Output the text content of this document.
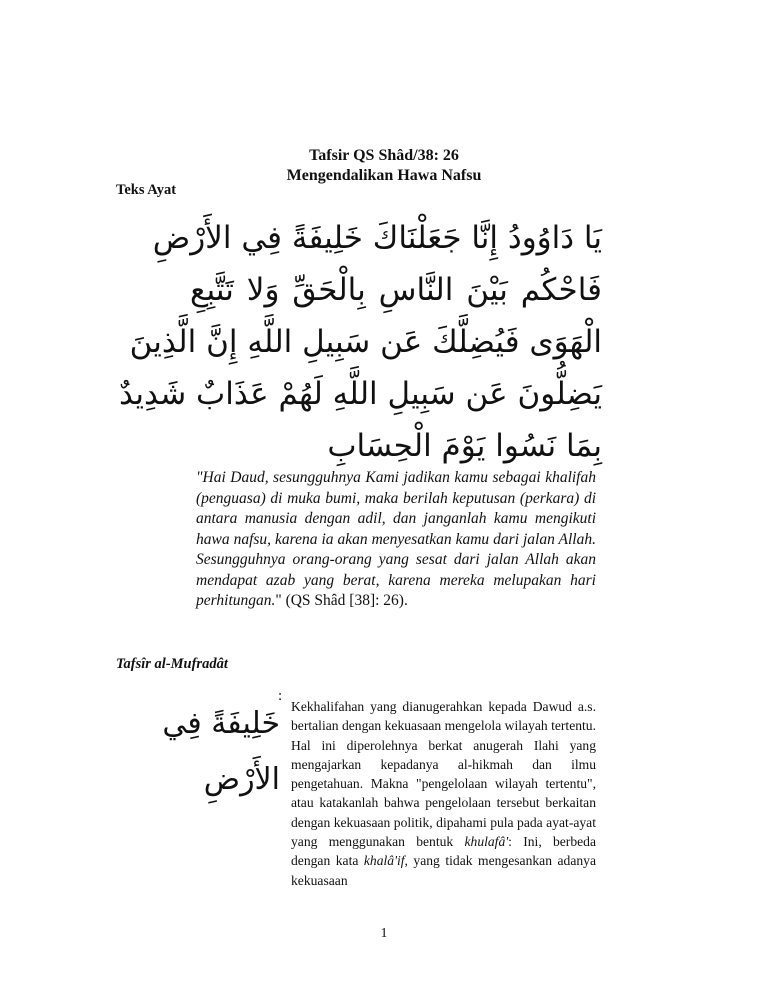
Tafsir QS Shâd/38: 26
Mengendalikan Hawa Nafsu
Teks Ayat
يَا دَاوُودُ إِنَّا جَعَلْنَاكَ خَلِيفَةً فِي الأَرْضِ
فَاحْكُم بَيْنَ النَّاسِ بِالْحَقِّ وَلا تَتَّبِعِ
الْهَوَى فَيُضِلَّكَ عَن سَبِيلِ اللَّهِ إِنَّ الَّذِينَ
يَضِلُّونَ عَن سَبِيلِ اللَّهِ لَهُمْ عَذَابٌ شَدِيدٌ
بِمَا نَسُوا يَوْمَ الْحِسَابِ
"Hai Daud, sesungguhnya Kami jadikan kamu sebagai khalifah (penguasa) di muka bumi, maka berilah keputusan (perkara) di antara manusia dengan adil, dan janganlah kamu mengikuti hawa nafsu, karena ia akan menyesatkan kamu dari jalan Allah. Sesungguhnya orang-orang yang sesat dari jalan Allah akan mendapat azab yang berat, karena mereka melupakan hari perhitungan." (QS Shâd [38]: 26).
Tafsîr al-Mufradât
خَلِيفَةً فِي
الأَرْضِ
:
Kekhalifahan yang dianugerahkan kepada Dawud a.s. bertalian dengan kekuasaan mengelola wilayah tertentu. Hal ini diperolehnya berkat anugerah Ilahi yang mengajarkan kepadanya al-hikmah dan ilmu pengetahuan. Makna "pengelolaan wilayah tertentu", atau katakanlah bahwa pengelolaan tersebut berkaitan dengan kekuasaan politik, dipahami pula pada ayat-ayat yang menggunakan bentuk khulafâ': Ini, berbeda dengan kata khalâ'if, yang tidak mengesankan adanya kekuasaan
1
